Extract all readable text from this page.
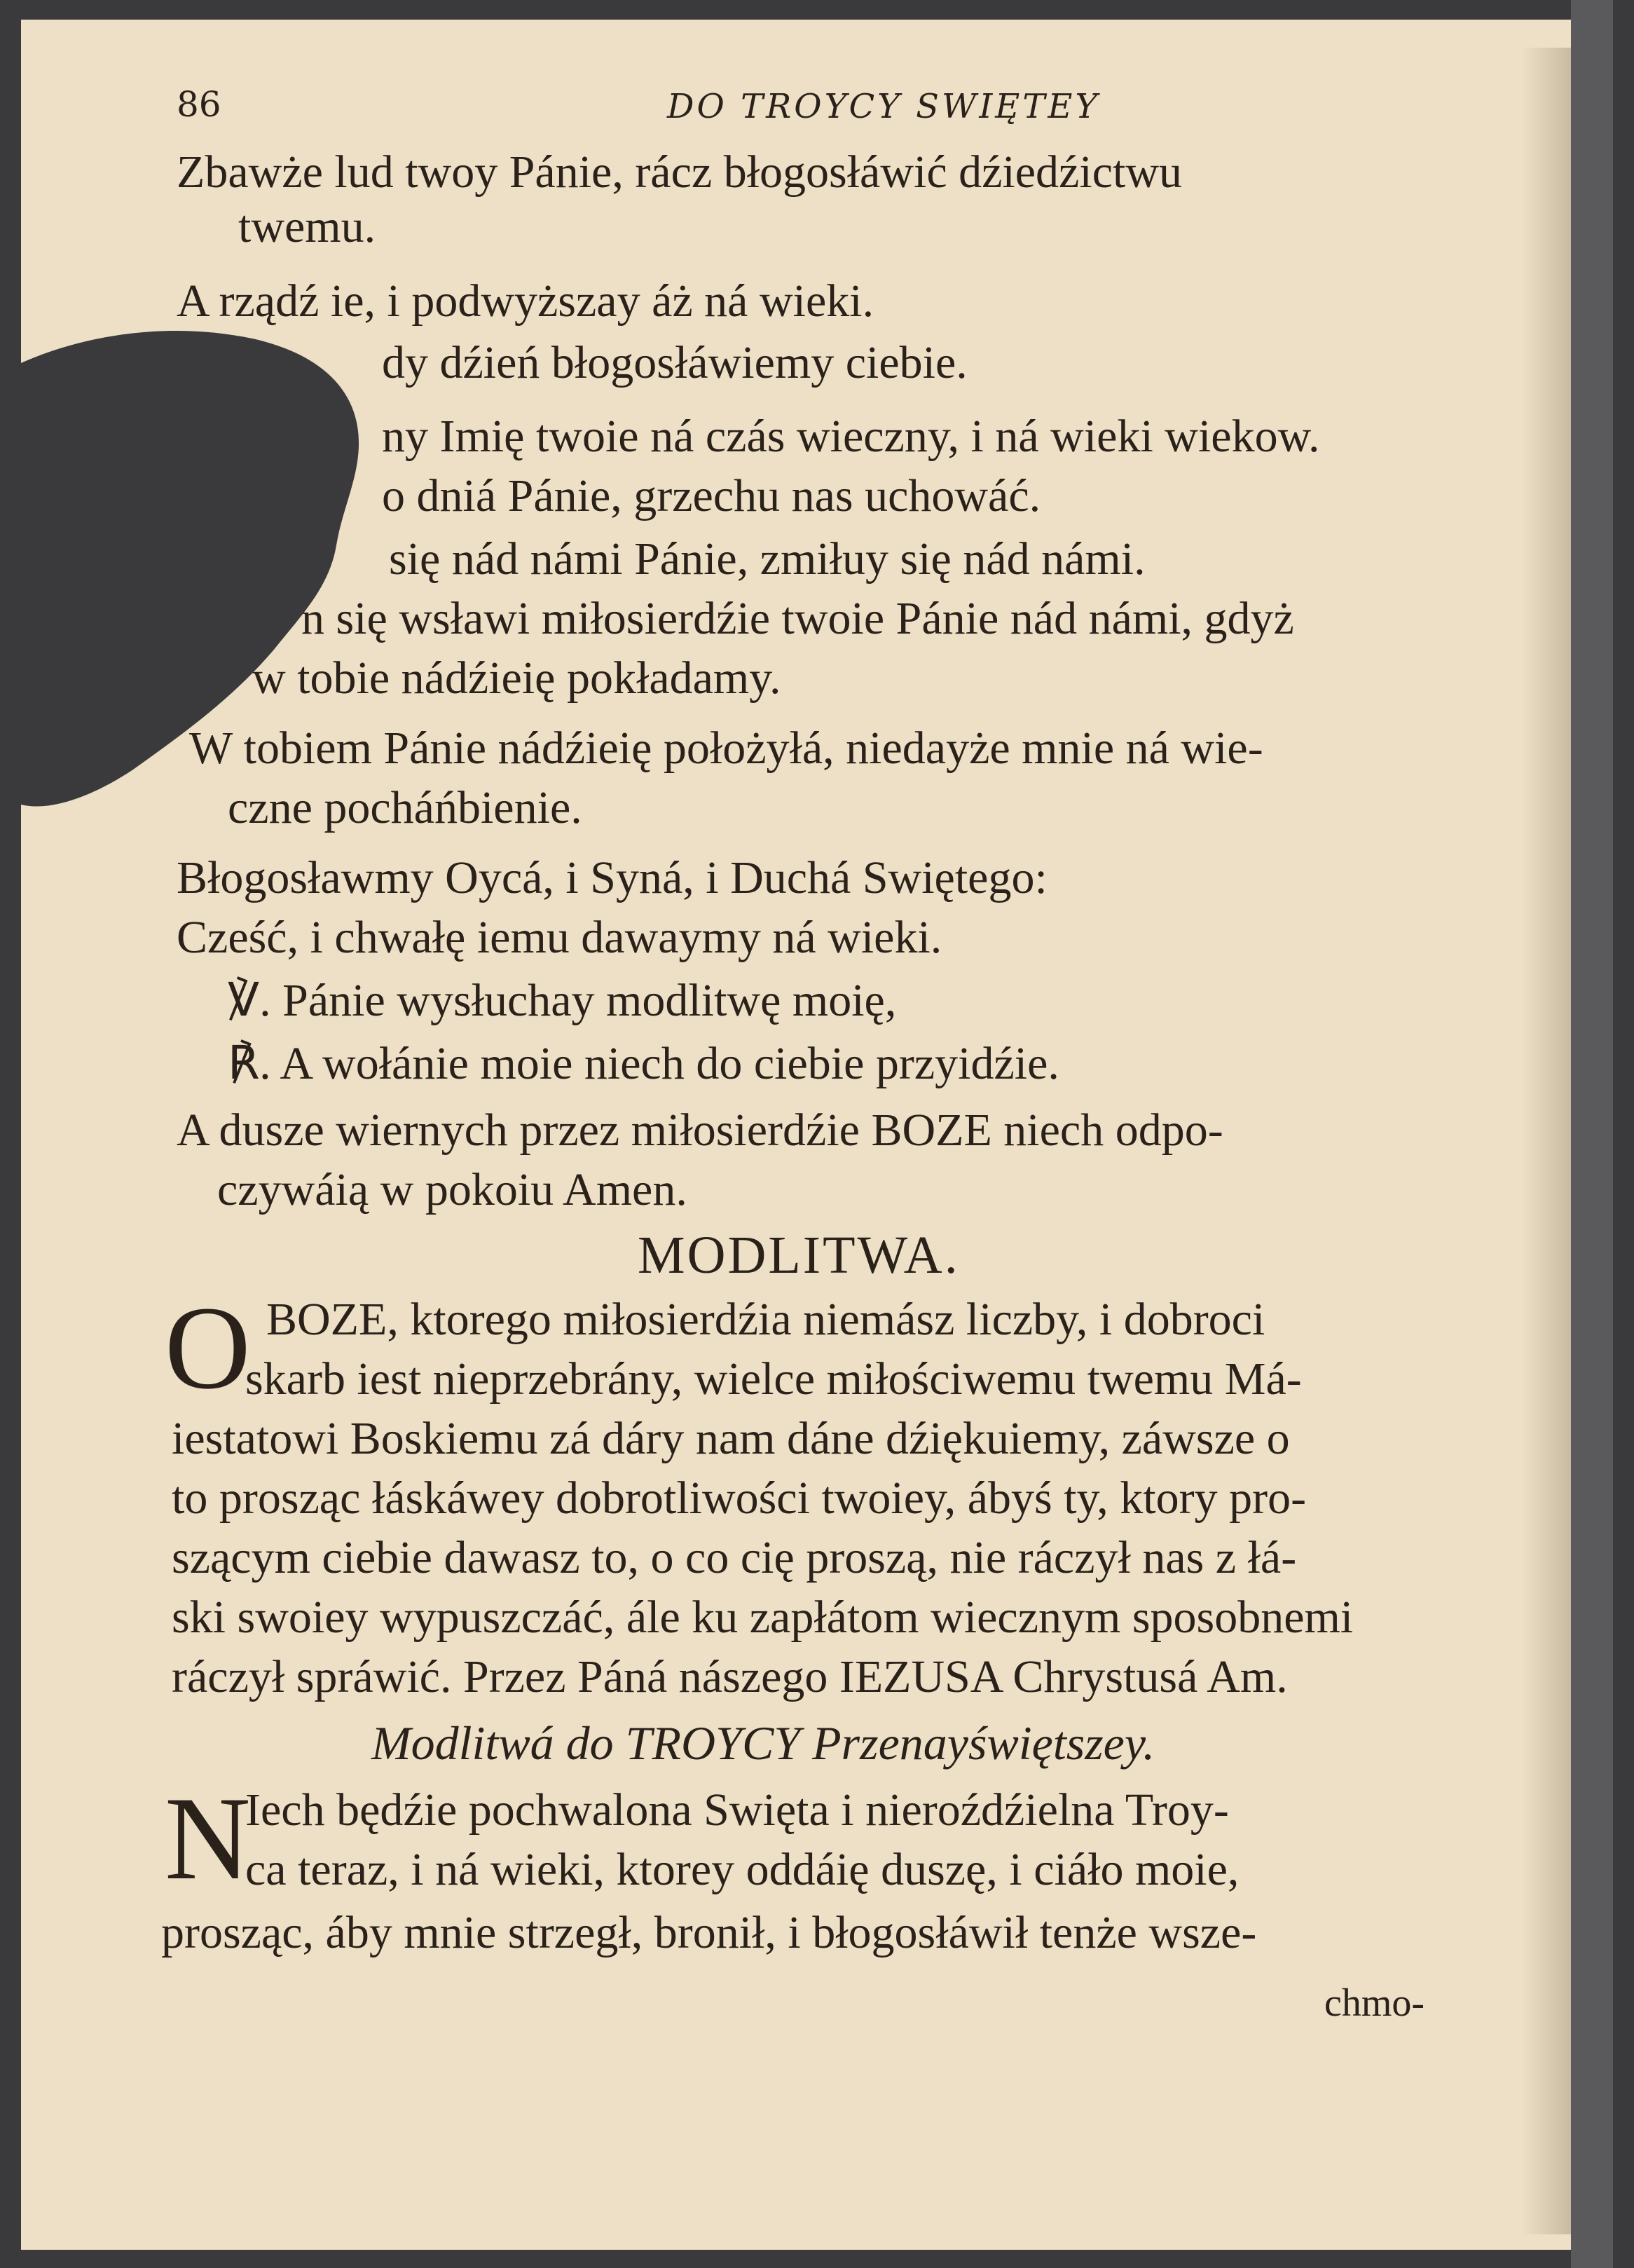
86	DO TROYCY SWIĘTEY
Zbawże lud twoy Pánie, rácz błogosłáwić dźiedźictwu
twemu.
A rządź ie, i podwyższay áż ná wieki.
dy dźień błogosłáwiemy ciebie.
ny Imię twoie ná czás wieczny, i ná wieki wiekow.
o dniá Pánie, grzechu nas uchowáć.
się nád námi Pánie, zmiłuy się nád námi.
n się wsławi miłosierdźie twoie Pánie nád námi, gdyż
w tobie nádźieię pokładamy.
W tobiem Pánie nádźieię położyłá, niedayże mnie ná wie-
czne pocháńbienie.
Błogosławmy Oycá, i Syná, i Duchá Swiętego:
Cześć, i chwałę iemu dawaymy ná wieki.
℣. Pánie wysłuchay modlitwę moię,
℟. A wołánie moie niech do ciebie przyidźie.
A dusze wiernych przez miłosierdźie BOZE niech odpo-
czywáią w pokoiu Amen.
MODLITWA.
O BOZE, ktorego miłosierdźia niemász liczby, i dobroci
skarb iest nieprzebrány, wielce miłościwemu twemu Má-
iestatowi Boskiemu zá dáry nam dáne dźiękuiemy, záwsze o
to prosząc łáskáwey dobrotliwości twoiey, ábyś ty, ktory pro-
szącym ciebie dawasz to, o co cię proszą, nie ráczył nas z łá-
ski swoiey wypuszczáć, ále ku zapłátom wiecznym sposobnemi
ráczył spráwić. Przez Páná nászego IEZUSA Chrystusá Am.
Modlitwá do TROYCY Przenayświętszey.
N
Iech będźie pochwalona Swięta i nieroźdźielna Troy-
ca teraz, i ná wieki, ktorey oddáię duszę, i ciáło moie,
prosząc, áby mnie strzegł, bronił, i błogosłáwił tenże wsze-
chmo-
